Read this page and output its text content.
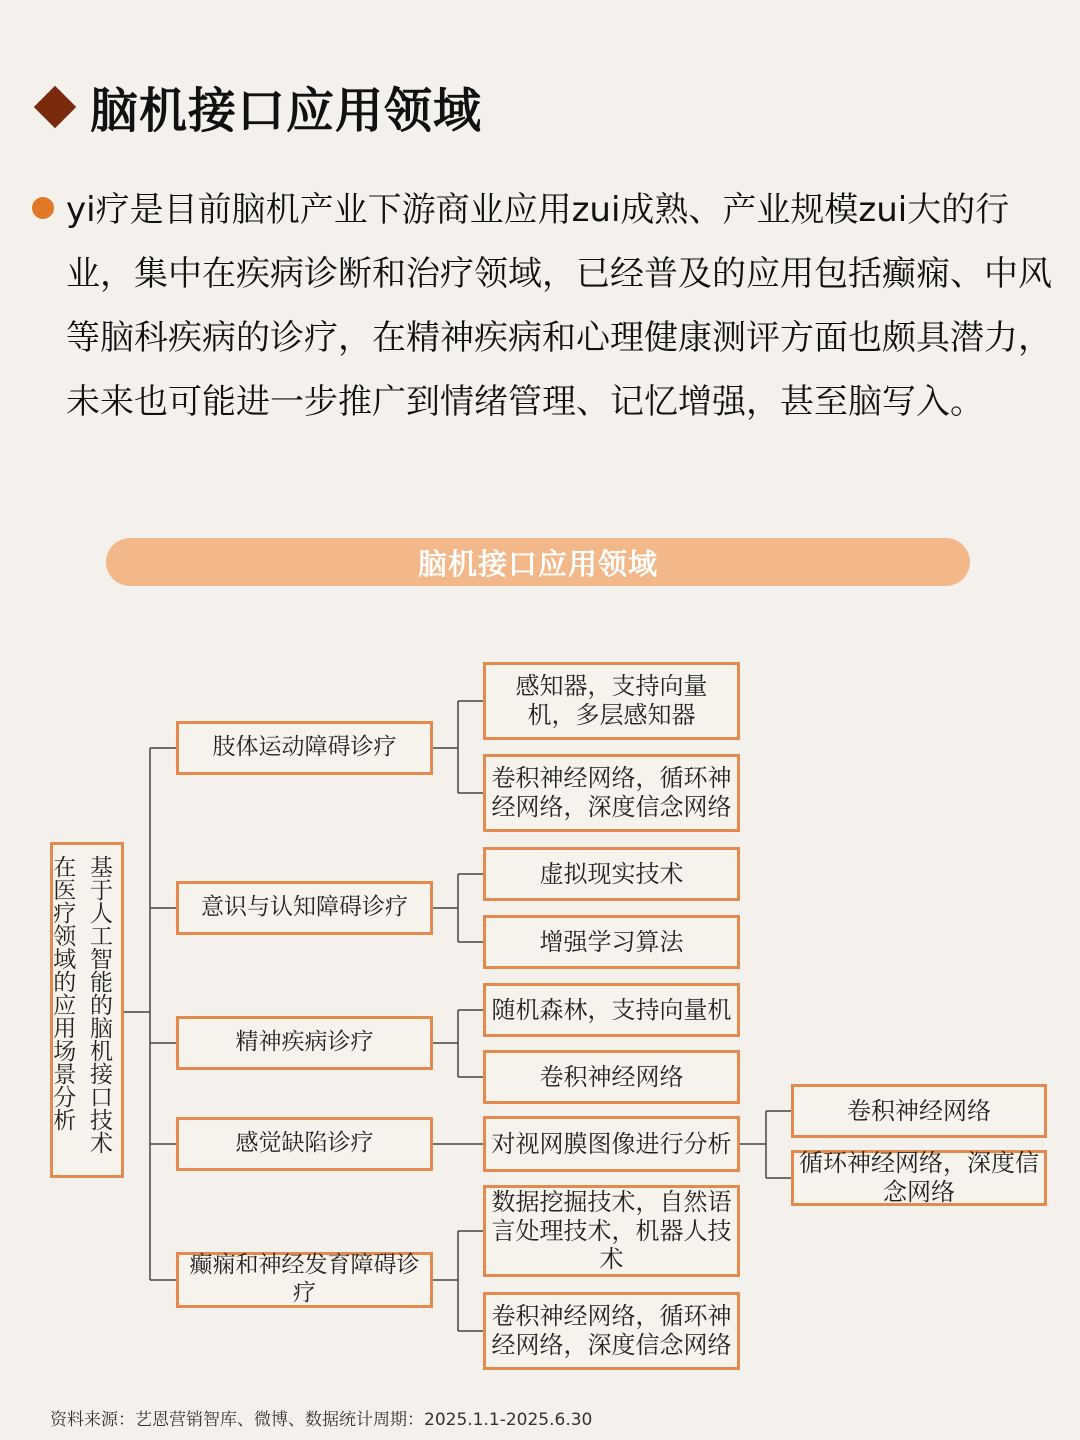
脑机接口应用领域
yi疗是目前脑机产业下游商业应用zui成熟、产业规模zui大的行业，集中在疾病诊断和治疗领域，已经普及的应用包括癫痫、中风等脑科疾病的诊疗，在精神疾病和心理健康测评方面也颇具潜力，未来也可能进一步推广到情绪管理、记忆增强，甚至脑写入。
脑机接口应用领域
基于人工智能的脑机接口技术在医疗领域的应用场景分析
肢体运动障碍诊疗
意识与认知障碍诊疗
精神疾病诊疗
感觉缺陷诊疗
癫痫和神经发育障碍诊疗
感知器，支持向量机，多层感知器
卷积神经网络，循环神经网络，深度信念网络
虚拟现实技术
增强学习算法
随机森林，支持向量机
卷积神经网络
对视网膜图像进行分析
数据挖掘技术，自然语言处理技术，机器人技术
卷积神经网络，循环神经网络，深度信念网络
卷积神经网络
循环神经网络，深度信念网络
资料来源：艺恩营销智库、微博、数据统计周期：2025.1.1-2025.6.30
